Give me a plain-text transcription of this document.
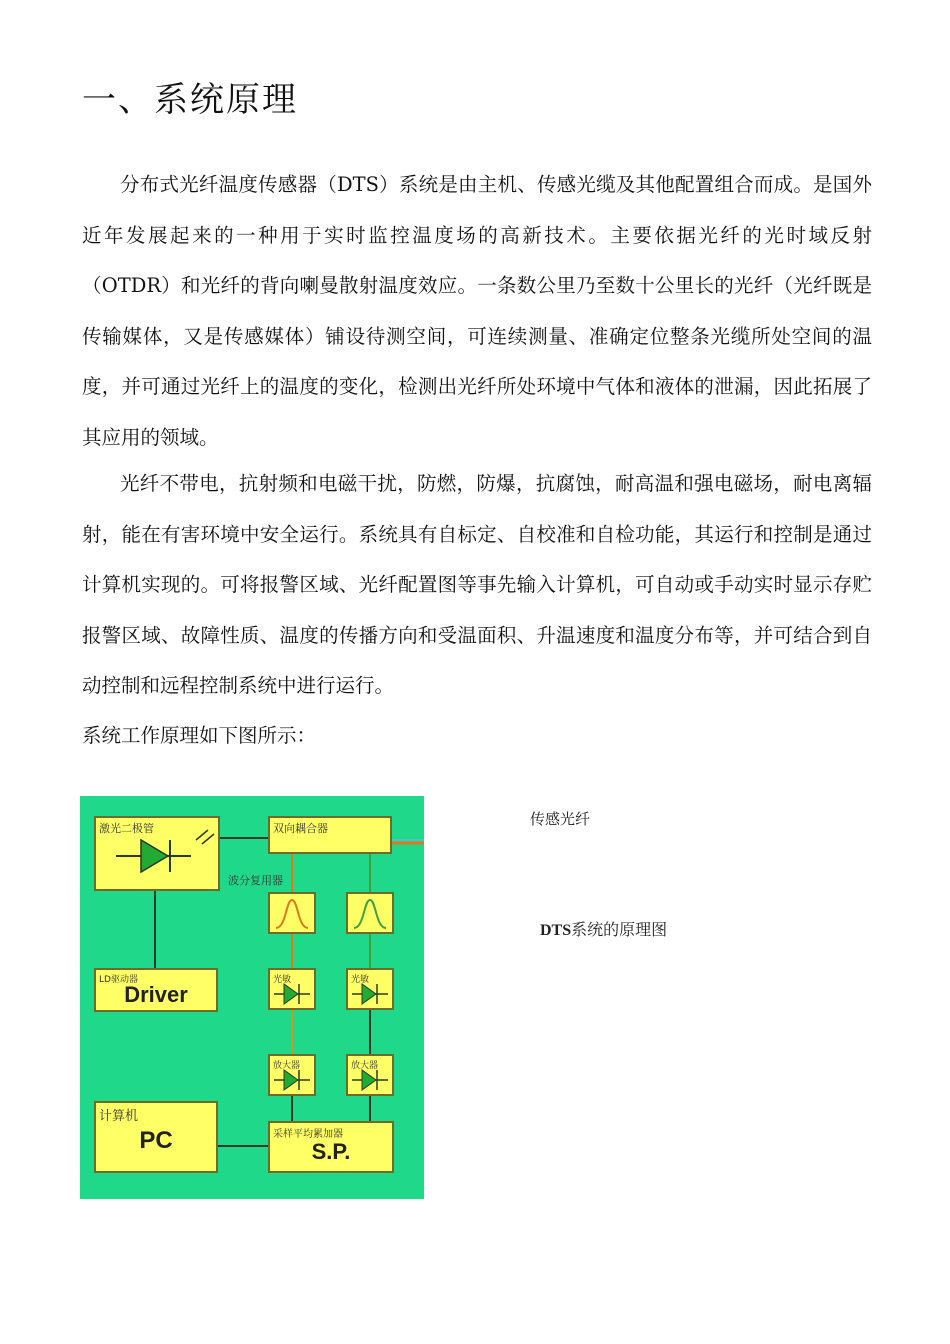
一、系统原理

分布式光纤温度传感器（DTS）系统是由主机、传感光缆及其他配置组合而成。是国外近年发展起来的一种用于实时监控温度场的高新技术。主要依据光纤的光时域反射（OTDR）和光纤的背向喇曼散射温度效应。一条数公里乃至数十公里长的光纤（光纤既是传输媒体，又是传感媒体）铺设待测空间，可连续测量、准确定位整条光缆所处空间的温度，并可通过光纤上的温度的变化，检测出光纤所处环境中气体和液体的泄漏，因此拓展了其应用的领域。

光纤不带电，抗射频和电磁干扰，防燃，防爆，抗腐蚀，耐高温和强电磁场，耐电离辐射，能在有害环境中安全运行。系统具有自标定、自校准和自检功能，其运行和控制是通过计算机实现的。可将报警区域、光纤配置图等事先输入计算机，可自动或手动实时显示存贮报警区域、故障性质、温度的传播方向和受温面积、升温速度和温度分布等，并可结合到自动控制和远程控制系统中进行运行。

系统工作原理如下图所示：

激光二极管	双向耦合器
波分复用器
LD驱动器
Driver
光敏	光敏
放大器	放大器
计算机
PC	采样平均累加器
S.P.
传感光纤
DTS系统的原理图
